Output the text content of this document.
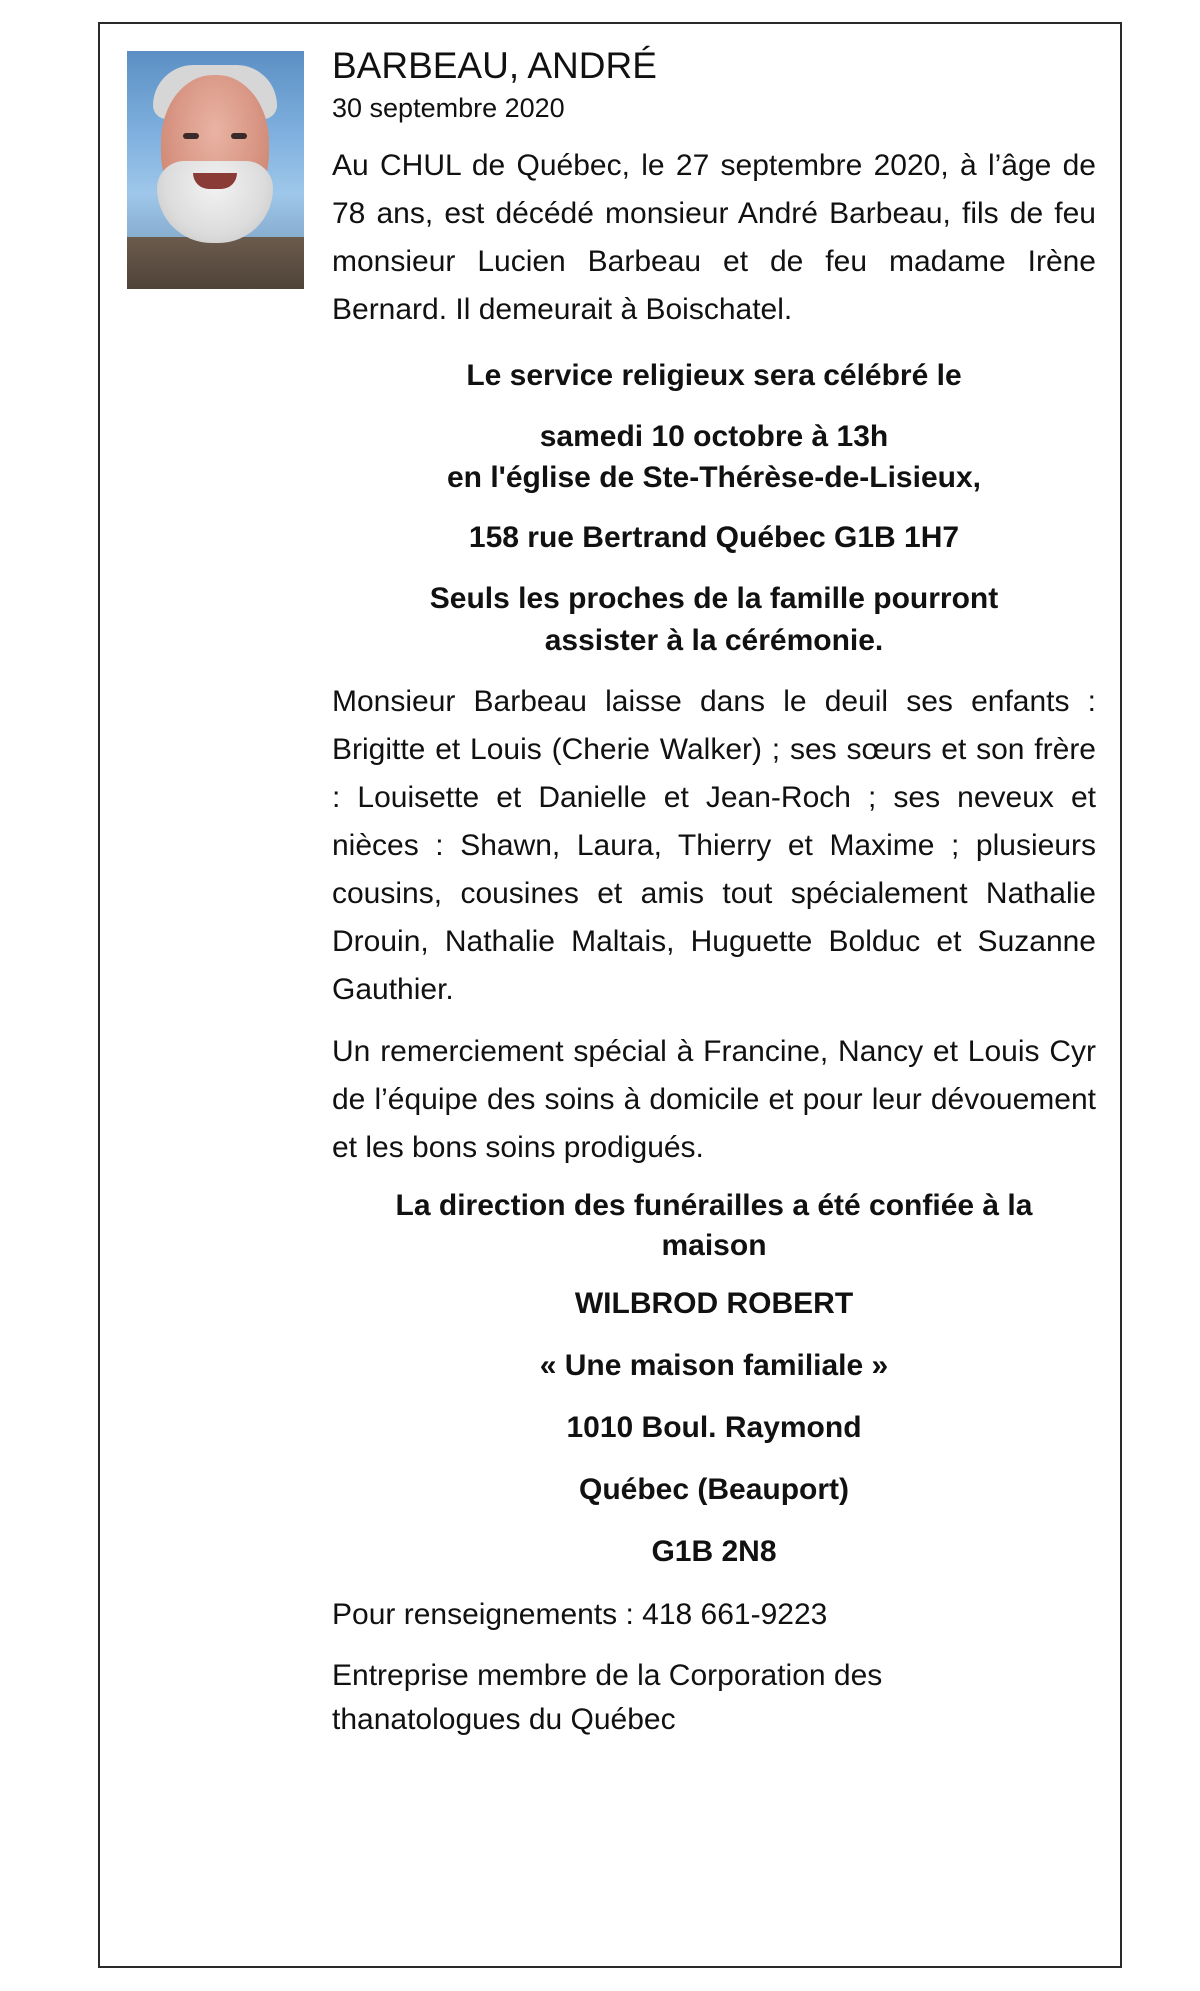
BARBEAU, ANDRÉ

30 septembre 2020

Au CHUL de Québec, le 27 septembre 2020, à l’âge de 78 ans, est décédé monsieur André Barbeau, fils de feu monsieur Lucien Barbeau et de feu madame Irène Bernard. Il demeurait à Boischatel.

Le service religieux sera célébré le

samedi 10 octobre à 13h

en l'église de Ste-Thérèse-de-Lisieux,

158 rue Bertrand Québec G1B 1H7

Seuls les proches de la famille pourront

assister à la cérémonie.

Monsieur Barbeau laisse dans le deuil ses enfants : Brigitte et Louis (Cherie Walker) ; ses sœurs et son frère : Louisette et Danielle et Jean-Roch ; ses neveux et nièces : Shawn, Laura, Thierry et Maxime ; plusieurs cousins, cousines et amis tout spécialement Nathalie Drouin, Nathalie Maltais, Huguette Bolduc et Suzanne Gauthier.

Un remerciement spécial à Francine, Nancy et Louis Cyr de l’équipe des soins à domicile et pour leur dévouement et les bons soins prodigués.

La direction des funérailles a été confiée à la

maison

WILBROD ROBERT

« Une maison familiale »

1010 Boul. Raymond

Québec (Beauport)

G1B 2N8

Pour renseignements : 418 661-9223

Entreprise membre de la Corporation des

thanatologues du Québec
